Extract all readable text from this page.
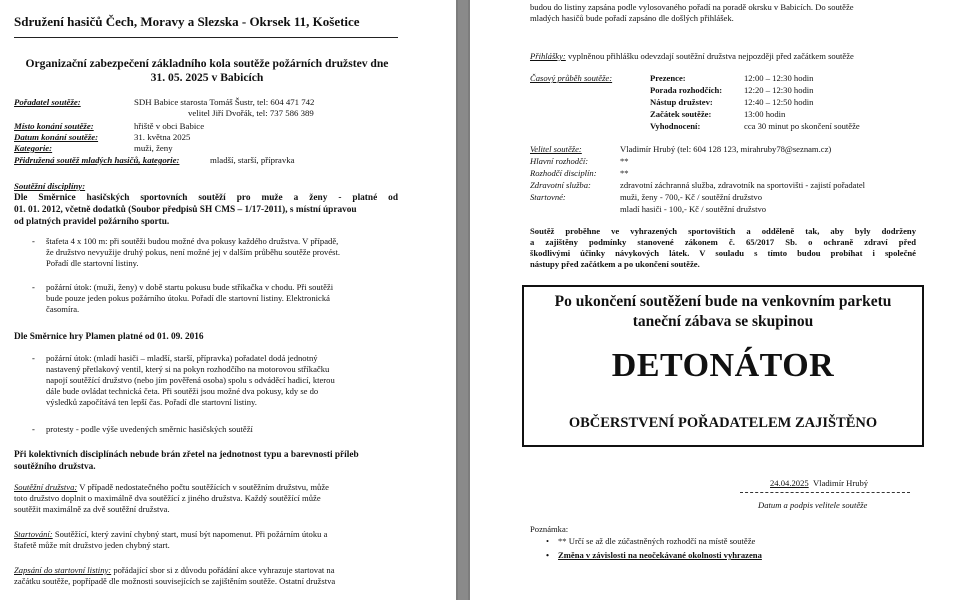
Sdružení hasičů Čech, Moravy a Slezska - Okrsek 11, Košetice
Organizační zabezpečení základního kola soutěže požárních družstev dne
31. 05. 2025 v Babicích
Pořadatel soutěže:	SDH Babice starosta Tomáš Šustr, tel: 604 471 742
velitel Jiří Dvořák, tel: 737 586 389
Místo konání soutěže:	hřiště v obci Babice
Datum konání soutěže:	31. května 2025
Kategorie:	muži, ženy
Přidružená soutěž mladých hasičů, kategorie:	mladší, starší, přípravka
Soutěžní disciplíny:
Dle Směrnice hasičských sportovních soutěží pro muže a ženy - platné od
01. 01. 2012, včetně dodatků (Soubor předpisů SH CMS – 1/17-2011), s místní úpravou
od platných pravidel požárního sportu.
- štafeta 4 x 100 m: při soutěži budou možné dva pokusy každého družstva. V případě,
že družstvo nevyužije druhý pokus, není možné jej v dalším průběhu soutěže provést.
Pořadí dle startovní listiny.
- požární útok: (muži, ženy) v době startu pokusu bude stříkačka v chodu. Při soutěži
bude pouze jeden pokus požárního útoku. Pořadí dle startovní listiny. Elektronická
časomíra.
Dle Směrnice hry Plamen platné od 01. 09. 2016
- požární útok: (mladí hasiči – mladší, starší, přípravka) pořadatel dodá jednotný
nastavený přetlakový ventil, který si na pokyn rozhodčího na motorovou stříkačku
napojí soutěžící družstvo (nebo jím pověřená osoba) spolu s odváděcí hadicí, kterou
dále bude ovládat technická četa. Při soutěži jsou možné dva pokusy, kdy se do
výsledků započítává ten lepší čas. Pořadí dle startovní listiny.
- protesty - podle výše uvedených směrnic hasičských soutěží
Při kolektivních disciplínách nebude brán zřetel na jednotnost typu a barevnosti příleb
soutěžního družstva.
Soutěžní družstva: V případě nedostatečného počtu soutěžících v soutěžním družstvu, může
toto družstvo doplnit o maximálně dva soutěžící z jiného družstva. Každý soutěžící může
soutěžit maximálně za dvě soutěžní družstva.
Startování: Soutěžící, který zaviní chybný start, musí být napomenut. Při požárním útoku a
štafetě může mít družstvo jeden chybný start.
Zapsání do startovní listiny: pořádající sbor si z důvodu pořádání akce vyhrazuje startovat na
začátku soutěže, popřípadě dle možnosti souvisejících se zajištěním soutěže. Ostatní družstva
budou do listiny zapsána podle vylosovaného pořadí na poradě okrsku v Babicích. Do soutěže
mladých hasičů bude pořadí zapsáno dle došlých přihlášek.
Přihlášky: vyplněnou přihlášku odevzdají soutěžní družstva nejpozději před začátkem soutěže
Časový průběh soutěže:	Prezence:	12:00 – 12:30 hodin
Porada rozhodčích:	12:20 – 12:30 hodin
Nástup družstev:	12:40 – 12:50 hodin
Začátek soutěže:	13:00 hodin
Vyhodnocení:	cca 30 minut po skončení soutěže
Velitel soutěže:	Vladimír Hrubý (tel: 604 128 123, mirahruby78@seznam.cz)
Hlavní rozhodčí:	**
Rozhodčí disciplín:	**
Zdravotní služba:	zdravotní záchranná služba, zdravotník na sportovišti - zajistí pořadatel
Startovné:	muži, ženy - 700,- Kč / soutěžní družstvo
mladí hasiči - 100,- Kč / soutěžní družstvo
Soutěž proběhne ve vyhrazených sportovištích a odděleně tak, aby byly dodrženy
a zajištěny podmínky stanovené zákonem č. 65/2017 Sb. o ochraně zdraví před
škodlivými účinky návykových látek. V souladu s tímto budou probíhat i společné
nástupy před začátkem a po ukončení soutěže.
Po ukončení soutěžení bude na venkovním parketu
taneční zábava se skupinou
DETONÁTOR
OBČERSTVENÍ POŘADATELEM ZAJIŠTĚNO
24.04.2025 Vladimír Hrubý
Datum a podpis velitele soutěže
Poznámka:
• ** Určí se až dle zúčastněných rozhodčí na místě soutěže
• Změna v závislosti na neočekávané okolnosti vyhrazena
